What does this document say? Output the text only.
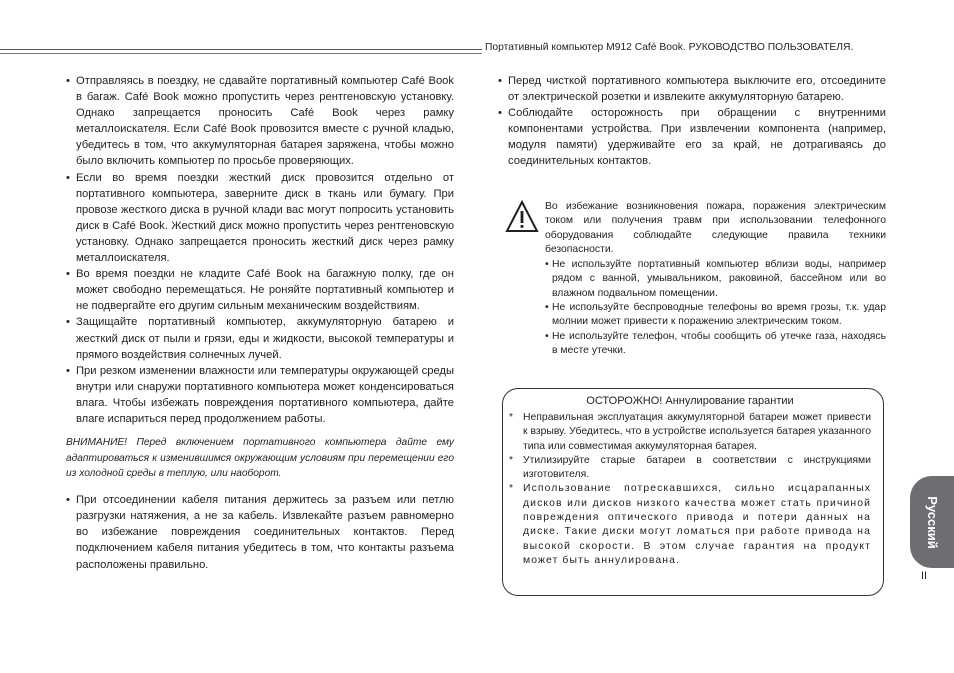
Портативный компьютер M912 Café Book. РУКОВОДСТВО ПОЛЬЗОВАТЕЛЯ.
• Отправляясь в поездку, не сдавайте портативный компьютер Café Book в багаж. Café Book можно пропустить через рентгеновскую установку. Однако запрещается проносить Café Book через рамку металлоискателя. Если Café Book провозится вместе с ручной кладью, убедитесь в том, что аккумуляторная батарея заряжена, чтобы можно было включить компьютер по просьбе проверяющих.
• Если во время поездки жесткий диск провозится отдельно от портативного компьютера, заверните диск в ткань или бумагу. При провозе жесткого диска в ручной клади вас могут попросить установить диск в Café Book. Жесткий диск можно пропустить через рентгеновскую установку. Однако запрещается проносить жесткий диск через рамку металлоискателя.
• Во время поездки не кладите Café Book на багажную полку, где он может свободно перемещаться. Не роняйте портативный компьютер и не подвергайте его другим сильным механическим воздействиям.
• Защищайте портативный компьютер, аккумуляторную батарею и жесткий диск от пыли и грязи, еды и жидкости, высокой температуры и прямого воздействия солнечных лучей.
• При резком изменении влажности или температуры окружающей среды внутри или снаружи портативного компьютера может конденсироваться влага. Чтобы избежать повреждения портативного компьютера, дайте влаге испариться перед продолжением работы.
ВНИМАНИЕ! Перед включением портативного компьютера дайте ему адаптироваться к изменившимся окружающим условиям при перемещении его из холодной среды в теплую, или наоборот.
• При отсоединении кабеля питания держитесь за разъем или петлю разгрузки натяжения, а не за кабель. Извлекайте разъем равномерно во избежание повреждения соединительных контактов. Перед подключением кабеля питания убедитесь в том, что контакты разъема расположены правильно.
• Перед чисткой портативного компьютера выключите его, отсоедините от электрической розетки и извлеките аккумуляторную батарею.
• Соблюдайте осторожность при обращении с внутренними компонентами устройства. При извлечении компонента (например, модуля памяти) удерживайте его за край, не дотрагиваясь до соединительных контактов.
Во избежание возникновения пожара, поражения электрическим током или получения травм при использовании телефонного оборудования соблюдайте следующие правила техники безопасности.
• Не используйте портативный компьютер вблизи воды, например рядом с ванной, умывальником, раковиной, бассейном или во влажном подвальном помещении.
• Не используйте беспроводные телефоны во время грозы, т.к. удар молнии может привести к поражению электрическим током.
• Не используйте телефон, чтобы сообщить об утечке газа, находясь в месте утечки.
ОСТОРОЖНО! Аннулирование гарантии
* Неправильная эксплуатация аккумуляторной батареи может привести к взрыву. Убедитесь, что в устройстве используется батарея указанного типа или совместимая аккумуляторная батарея.
* Утилизируйте старые батареи в соответствии с инструкциями изготовителя.
* Использование потрескавшихся, сильно исцарапанных дисков или дисков низкого качества может стать причиной повреждения оптического привода и потери данных на диске. Такие диски могут ломаться при работе привода на высокой скорости. В этом случае гарантия на продукт может быть аннулирована.
Русский
II
